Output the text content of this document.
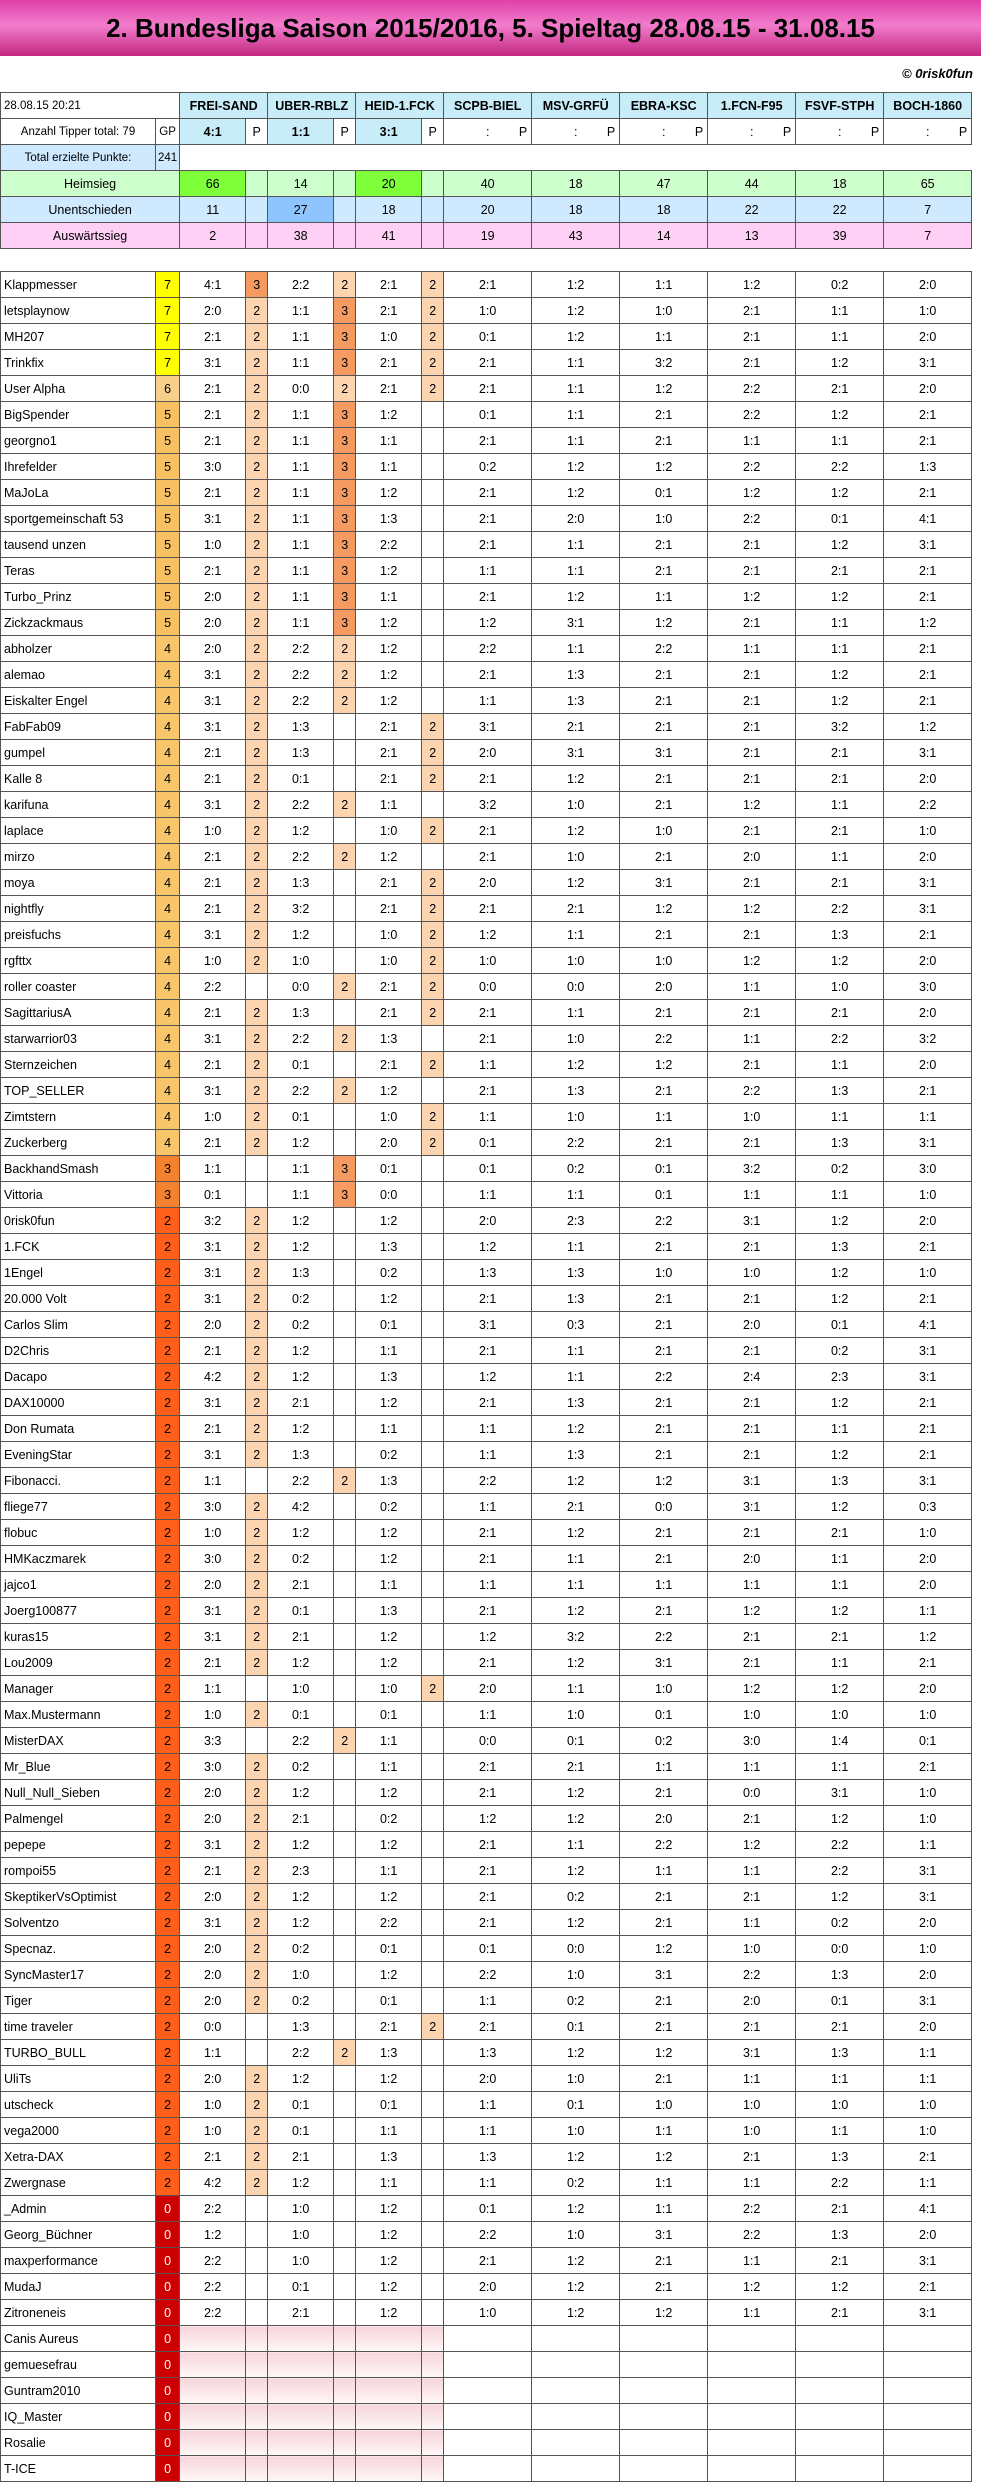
2. Bundesliga Saison 2015/2016, 5. Spieltag 28.08.15 - 31.08.15
© 0risk0fun
28.08.15 20:21		FREI-SAND		UBER-RBLZ		HEID-1.FCK		SCPB-BIEL	MSV-GRFÜ	EBRA-KSC	1.FCN-F95	FSVF-STPH	BOCH-1860
Anzahl Tipper total: 79	GP	4:1	P	1:1	P	3:1	P	: P	: P	: P	: P	: P	: P

Total erzielte Punkte:	241												
Heimsieg		66		14		20		40	18	47	44	18	65
Unentschieden		11		27		18		20	18	18	22	22	7
Auswärtssieg		2		38		41		19	43	14	13	39	7

Klappmesser	7	4:1	3	2:2	2	2:1	2	2:1	1:2	1:1	1:2	0:2	2:0
letsplaynow	7	2:0	2	1:1	3	2:1	2	1:0	1:2	1:0	2:1	1:1	1:0
MH207	7	2:1	2	1:1	3	1:0	2	0:1	1:2	1:1	2:1	1:1	2:0
Trinkfix	7	3:1	2	1:1	3	2:1	2	2:1	1:1	3:2	2:1	1:2	3:1
User Alpha	6	2:1	2	0:0	2	2:1	2	2:1	1:1	1:2	2:2	2:1	2:0
BigSpender	5	2:1	2	1:1	3	1:2		0:1	1:1	2:1	2:2	1:2	2:1
georgno1	5	2:1	2	1:1	3	1:1		2:1	1:1	2:1	1:1	1:1	2:1
Ihrefelder	5	3:0	2	1:1	3	1:1		0:2	1:2	1:2	2:2	2:2	1:3
MaJoLa	5	2:1	2	1:1	3	1:2		2:1	1:2	0:1	1:2	1:2	2:1
sportgemeinschaft 53	5	3:1	2	1:1	3	1:3		2:1	2:0	1:0	2:2	0:1	4:1
tausend unzen	5	1:0	2	1:1	3	2:2		2:1	1:1	2:1	2:1	1:2	3:1
Teras	5	2:1	2	1:1	3	1:2		1:1	1:1	2:1	2:1	2:1	2:1
Turbo_Prinz	5	2:0	2	1:1	3	1:1		2:1	1:2	1:1	1:2	1:2	2:1
Zickzackmaus	5	2:0	2	1:1	3	1:2		1:2	3:1	1:2	2:1	1:1	1:2
abholzer	4	2:0	2	2:2	2	1:2		2:2	1:1	2:2	1:1	1:1	2:1
alemao	4	3:1	2	2:2	2	1:2		2:1	1:3	2:1	2:1	1:2	2:1
Eiskalter Engel	4	3:1	2	2:2	2	1:2		1:1	1:3	2:1	2:1	1:2	2:1
FabFab09	4	3:1	2	1:3		2:1	2	3:1	2:1	2:1	2:1	3:2	1:2
gumpel	4	2:1	2	1:3		2:1	2	2:0	3:1	3:1	2:1	2:1	3:1
Kalle 8	4	2:1	2	0:1		2:1	2	2:1	1:2	2:1	2:1	2:1	2:0
karifuna	4	3:1	2	2:2	2	1:1		3:2	1:0	2:1	1:2	1:1	2:2
laplace	4	1:0	2	1:2		1:0	2	2:1	1:2	1:0	2:1	2:1	1:0
mirzo	4	2:1	2	2:2	2	1:2		2:1	1:0	2:1	2:0	1:1	2:0
moya	4	2:1	2	1:3		2:1	2	2:0	1:2	3:1	2:1	2:1	3:1
nightfly	4	2:1	2	3:2		2:1	2	2:1	2:1	1:2	1:2	2:2	3:1
preisfuchs	4	3:1	2	1:2		1:0	2	1:2	1:1	2:1	2:1	1:3	2:1
rgfttx	4	1:0	2	1:0		1:0	2	1:0	1:0	1:0	1:2	1:2	2:0
roller coaster	4	2:2		0:0	2	2:1	2	0:0	0:0	2:0	1:1	1:0	3:0
SagittariusA	4	2:1	2	1:3		2:1	2	2:1	1:1	2:1	2:1	2:1	2:0
starwarrior03	4	3:1	2	2:2	2	1:3		2:1	1:0	2:2	1:1	2:2	3:2
Sternzeichen	4	2:1	2	0:1		2:1	2	1:1	1:2	1:2	2:1	1:1	2:0
TOP_SELLER	4	3:1	2	2:2	2	1:2		2:1	1:3	2:1	2:2	1:3	2:1
Zimtstern	4	1:0	2	0:1		1:0	2	1:1	1:0	1:1	1:0	1:1	1:1
Zuckerberg	4	2:1	2	1:2		2:0	2	0:1	2:2	2:1	2:1	1:3	3:1
BackhandSmash	3	1:1		1:1	3	0:1		0:1	0:2	0:1	3:2	0:2	3:0
Vittoria	3	0:1		1:1	3	0:0		1:1	1:1	0:1	1:1	1:1	1:0
0risk0fun	2	3:2	2	1:2		1:2		2:0	2:3	2:2	3:1	1:2	2:0
1.FCK	2	3:1	2	1:2		1:3		1:2	1:1	2:1	2:1	1:3	2:1
1Engel	2	3:1	2	1:3		0:2		1:3	1:3	1:0	1:0	1:2	1:0
20.000 Volt	2	3:1	2	0:2		1:2		2:1	1:3	2:1	2:1	1:2	2:1
Carlos Slim	2	2:0	2	0:2		0:1		3:1	0:3	2:1	2:0	0:1	4:1
D2Chris	2	2:1	2	1:2		1:1		2:1	1:1	2:1	2:1	0:2	3:1
Dacapo	2	4:2	2	1:2		1:3		1:2	1:1	2:2	2:4	2:3	3:1
DAX10000	2	3:1	2	2:1		1:2		2:1	1:3	2:1	2:1	1:2	2:1
Don Rumata	2	2:1	2	1:2		1:1		1:1	1:2	2:1	2:1	1:1	2:1
EveningStar	2	3:1	2	1:3		0:2		1:1	1:3	2:1	2:1	1:2	2:1
Fibonacci.	2	1:1		2:2	2	1:3		2:2	1:2	1:2	3:1	1:3	3:1
fliege77	2	3:0	2	4:2		0:2		1:1	2:1	0:0	3:1	1:2	0:3
flobuc	2	1:0	2	1:2		1:2		2:1	1:2	2:1	2:1	2:1	1:0
HMKaczmarek	2	3:0	2	0:2		1:2		2:1	1:1	2:1	2:0	1:1	2:0
jajco1	2	2:0	2	2:1		1:1		1:1	1:1	1:1	1:1	1:1	2:0
Joerg100877	2	3:1	2	0:1		1:3		2:1	1:2	2:1	1:2	1:2	1:1
kuras15	2	3:1	2	2:1		1:2		1:2	3:2	2:2	2:1	2:1	1:2
Lou2009	2	2:1	2	1:2		1:2		2:1	1:2	3:1	2:1	1:1	2:1
Manager	2	1:1		1:0		1:0	2	2:0	1:1	1:0	1:2	1:2	2:0
Max.Mustermann	2	1:0	2	0:1		0:1		1:1	1:0	0:1	1:0	1:0	1:0
MisterDAX	2	3:3		2:2	2	1:1		0:0	0:1	0:2	3:0	1:4	0:1
Mr_Blue	2	3:0	2	0:2		1:1		2:1	2:1	1:1	1:1	1:1	2:1
Null_Null_Sieben	2	2:0	2	1:2		1:2		2:1	1:2	2:1	0:0	3:1	1:0
Palmengel	2	2:0	2	2:1		0:2		1:2	1:2	2:0	2:1	1:2	1:0
pepepe	2	3:1	2	1:2		1:2		2:1	1:1	2:2	1:2	2:2	1:1
rompoi55	2	2:1	2	2:3		1:1		2:1	1:2	1:1	1:1	2:2	3:1
SkeptikerVsOptimist	2	2:0	2	1:2		1:2		2:1	0:2	2:1	2:1	1:2	3:1
Solventzo	2	3:1	2	1:2		2:2		2:1	1:2	2:1	1:1	0:2	2:0
Specnaz.	2	2:0	2	0:2		0:1		0:1	0:0	1:2	1:0	0:0	1:0
SyncMaster17	2	2:0	2	1:0		1:2		2:2	1:0	3:1	2:2	1:3	2:0
Tiger	2	2:0	2	0:2		0:1		1:1	0:2	2:1	2:0	0:1	3:1
time traveler	2	0:0		1:3		2:1	2	2:1	0:1	2:1	2:1	2:1	2:0
TURBO_BULL	2	1:1		2:2	2	1:3		1:3	1:2	1:2	3:1	1:3	1:1
UliTs	2	2:0	2	1:2		1:2		2:0	1:0	2:1	1:1	1:1	1:1
utscheck	2	1:0	2	0:1		0:1		1:1	0:1	1:0	1:0	1:0	1:0
vega2000	2	1:0	2	0:1		1:1		1:1	1:0	1:1	1:0	1:1	1:0
Xetra-DAX	2	2:1	2	2:1		1:3		1:3	1:2	1:2	2:1	1:3	2:1
Zwergnase	2	4:2	2	1:2		1:1		1:1	0:2	1:1	1:1	2:2	1:1
_Admin	0	2:2		1:0		1:2		0:1	1:2	1:1	2:2	2:1	4:1
Georg_Büchner	0	1:2		1:0		1:2		2:2	1:0	3:1	2:2	1:3	2:0
maxperformance	0	2:2		1:0		1:2		2:1	1:2	2:1	1:1	2:1	3:1
MudaJ	0	2:2		0:1		1:2		2:0	1:2	2:1	1:2	1:2	2:1
Zitroneneis	0	2:2		2:1		1:2		1:0	1:2	1:2	1:1	2:1	3:1
Canis Aureus	0												
gemuesefrau	0												
Guntram2010	0												
IQ_Master	0												
Rosalie	0												
T-ICE	0												
